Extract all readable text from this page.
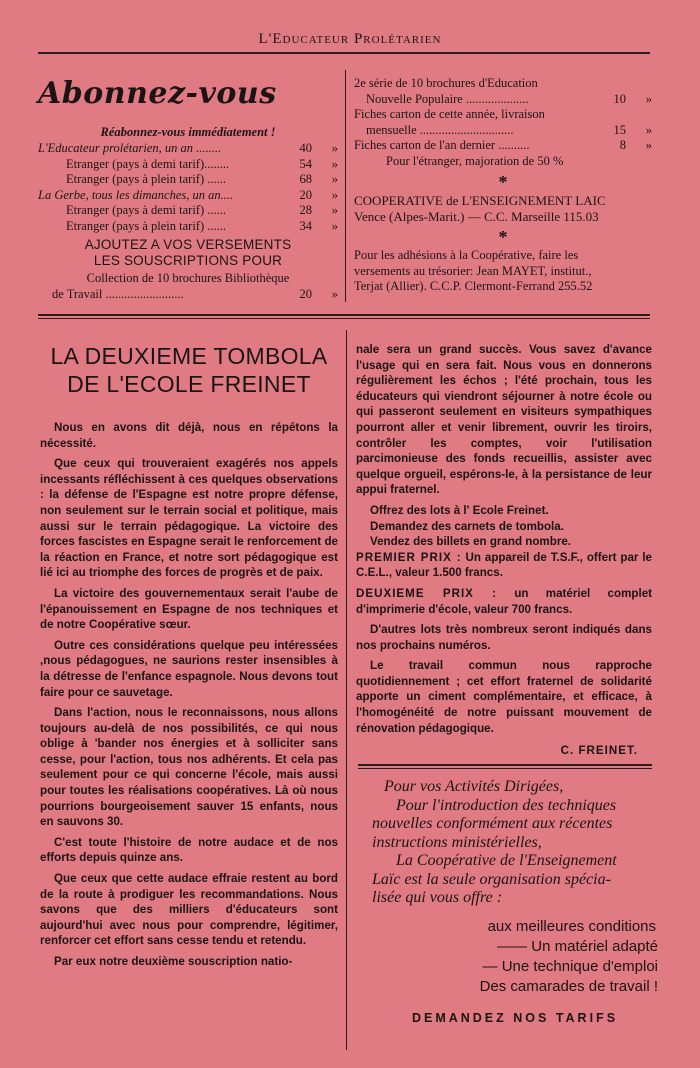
L'Educateur Prolétarien
Abonnez-vous
Réabonnez-vous immédiatement !
L'Educateur prolétarien, un an ........	40	»
Etranger (pays à demi tarif)........	54	»
Etranger (pays à plein tarif) ......	68	»
La Gerbe, tous les dimanches, un an....	20	»
Etranger (pays à demi tarif) ......	28	»
Etranger (pays à plein tarif) ......	34	»
AJOUTEZ A VOS VERSEMENTS
LES SOUSCRIPTIONS POUR
Collection de 10 brochures Bibliothèque
de Travail .........................	20	»
2e série de 10 brochures d'Education
Nouvelle Populaire ....................	10	»
Fiches carton de cette année, livraison
mensuelle ..............................	15	»
Fiches carton de l'an dernier ..........	8	»
Pour l'étranger, majoration de 50 %
*
COOPERATIVE de L'ENSEIGNEMENT LAIC
Vence (Alpes-Marit.) — C.C. Marseille 115.03
*
Pour les adhésions à la Coopérative, faire les
versements au trésorier: Jean MAYET, institut.,
Terjat (Allier). C.C.P. Clermont-Ferrand 255.52
LA DEUXIEME TOMBOLA
DE L'ECOLE FREINET

Nous en avons dit déjà, nous en répétons la nécessité.

Que ceux qui trouveraient exagérés nos appels incessants réfléchissent à ces quelques observations : la défense de l'Espagne est notre propre défense, non seulement sur le terrain social et politique, mais aussi sur le terrain pédagogique. La victoire des forces fascistes en Espagne serait le renforcement de la réaction en France, et notre sort pédagogique est lié ici au triomphe des forces de progrès et de paix.

La victoire des gouvernementaux serait l'aube de l'épanouissement en Espagne de nos techniques et de notre Coopérative sœur.

Outre ces considérations quelque peu intéressées ,nous pédagogues, ne saurions rester insensibles à la détresse de l'enfance espagnole. Nous devons tout faire pour ce sauvetage.

Dans l'action, nous le reconnaissons, nous allons toujours au-delà de nos possibilités, ce qui nous oblige à 'bander nos énergies et à solliciter sans cesse, pour l'action, tous nos adhérents. Et cela pas seulement pour ce qui concerne l'école, mais aussi pour toutes les réalisations coopératives. Là où nous pourrions bourgeoisement sauver 15 enfants, nous en sauvons 30.

C'est toute l'histoire de notre audace et de nos efforts depuis quinze ans.

Que ceux que cette audace effraie restent au bord de la route à prodiguer les recommandations. Nous savons que des milliers d'éducateurs sont aujourd'hui avec nous pour comprendre, légitimer, renforcer cet effort sans cesse tendu et retendu.

Par eux notre deuxième souscription natio-

nale sera un grand succès. Vous savez d'avance l'usage qui en sera fait. Nous vous en donnerons régulièrement les échos ; l'été prochain, tous les éducateurs qui viendront séjourner à notre école ou qui passeront seulement en visiteurs sympathiques pourront aller et venir librement, ouvrir les tiroirs, contrôler les comptes, voir l'utilisation parcimonieuse des fonds recueillis, assister avec quelque orgueil, espérons-le, à la persistance de leur appui fraternel.

Offrez des lots à l' Ecole Freinet.

Demandez des carnets de tombola.

Vendez des billets en grand nombre.

PREMIER PRIX : Un appareil de T.S.F., offert par le C.E.L., valeur 1.500 francs.

DEUXIEME PRIX : un matériel complet d'imprimerie d'école, valeur 700 francs.

D'autres lots très nombreux seront indiqués dans nos prochains numéros.

Le travail commun nous rapproche quotidiennement ; cet effort fraternel de solidarité apporte un ciment complémentaire, et efficace, à l'homogénéité de notre puissant mouvement de rénovation pédagogique.

C. FREINET.
Pour vos Activités Dirigées,
Pour l'introduction des techniques
nouvelles conformément aux récentes
instructions ministérielles,
La Coopérative de l'Enseignement
Laïc est la seule organisation spécia-
lisée qui vous offre :
aux meilleures conditions
—— Un matériel adapté
— Une technique d'emploi
Des camarades de travail !
DEMANDEZ NOS TARIFS
